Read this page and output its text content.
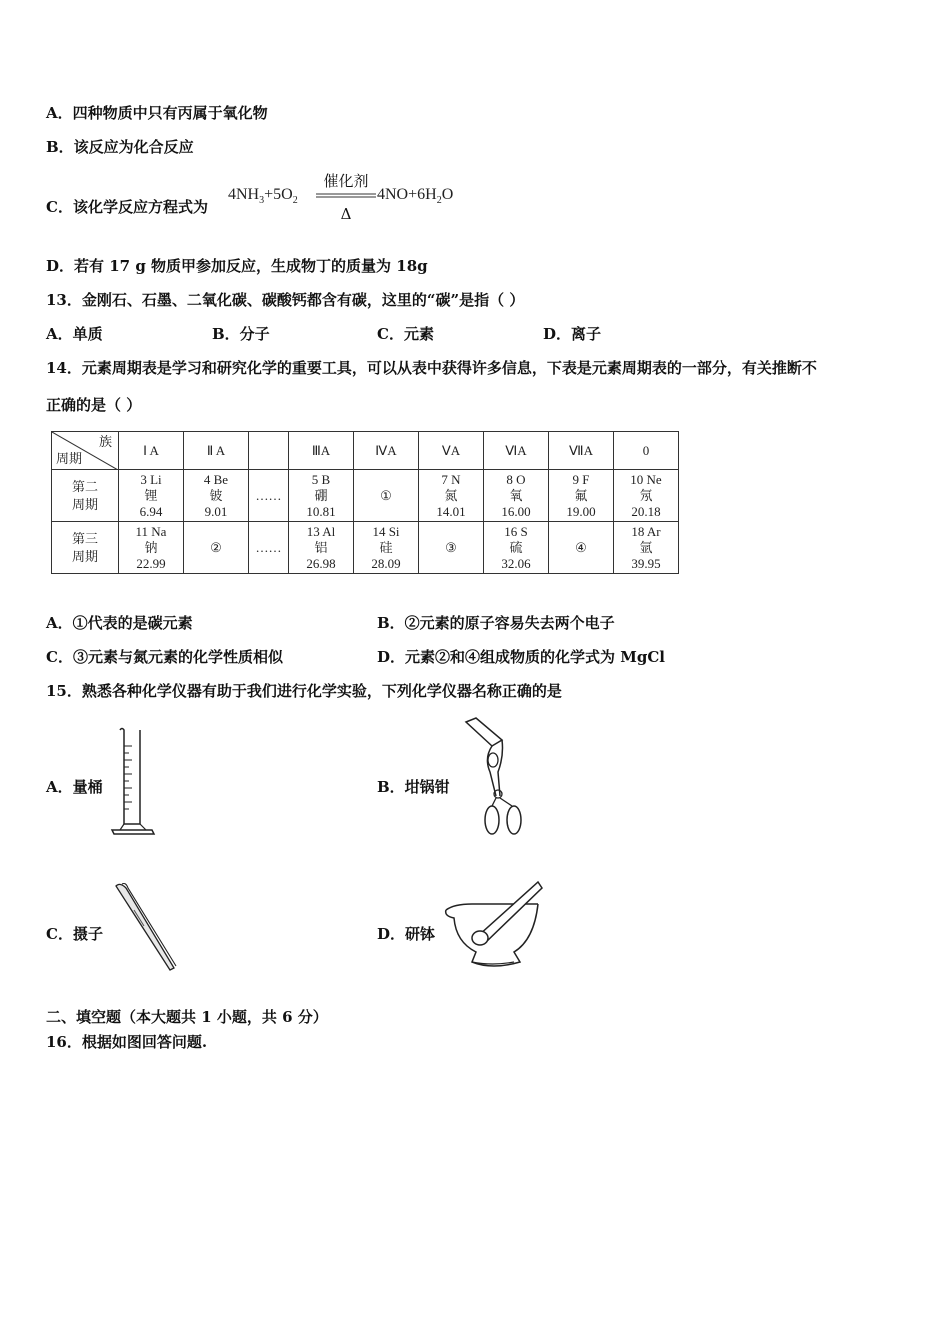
A．四种物质中只有丙属于氧化物
B．该反应为化合反应
C．该化学反应方程式为
$4NH_3+5O_2$
催化剂
Δ
$4NO+6H_2O$
D．若有 17 g 物质甲参加反应，生成物丁的质量为 18g
13．金刚石、石墨、二氧化碳、碳酸钙都含有碳，这里的“碳”是指（ ）
A．单质	B．分子	C．元素	D．离子
14．元素周期表是学习和研究化学的重要工具，可以从表中获得许多信息，下表是元素周期表的一部分，有关推断不
正确的是（ ）
族
周期	Ⅰ A	Ⅱ A		ⅢA	ⅣA	ⅤA	ⅥA	ⅦA	0
第二
周期	3 Li
锂
6.94	4 Be
铍
9.01	……	5 B
硼
10.81	①	7 N
氮
14.01	8 O
氧
16.00	9 F
氟
19.00	10 Ne
氖
20.18

第三
周期	11 Na
钠
22.99	②	……	13 Al
铝
26.98	14 Si
硅
28.09	③	16 S
硫
32.06	④	18 Ar
氩
39.95
A．①代表的是碳元素	B．②元素的原子容易失去两个电子
C．③元素与氮元素的化学性质相似	D．元素②和④组成物质的化学式为 MgCl
15．熟悉各种化学仪器有助于我们进行化学实验，下列化学仪器名称正确的是
A．量桶	B．坩锅钳
C．摄子	D．研钵
二、填空题（本大题共 1 小题，共 6 分）
16．根据如图回答问题.
